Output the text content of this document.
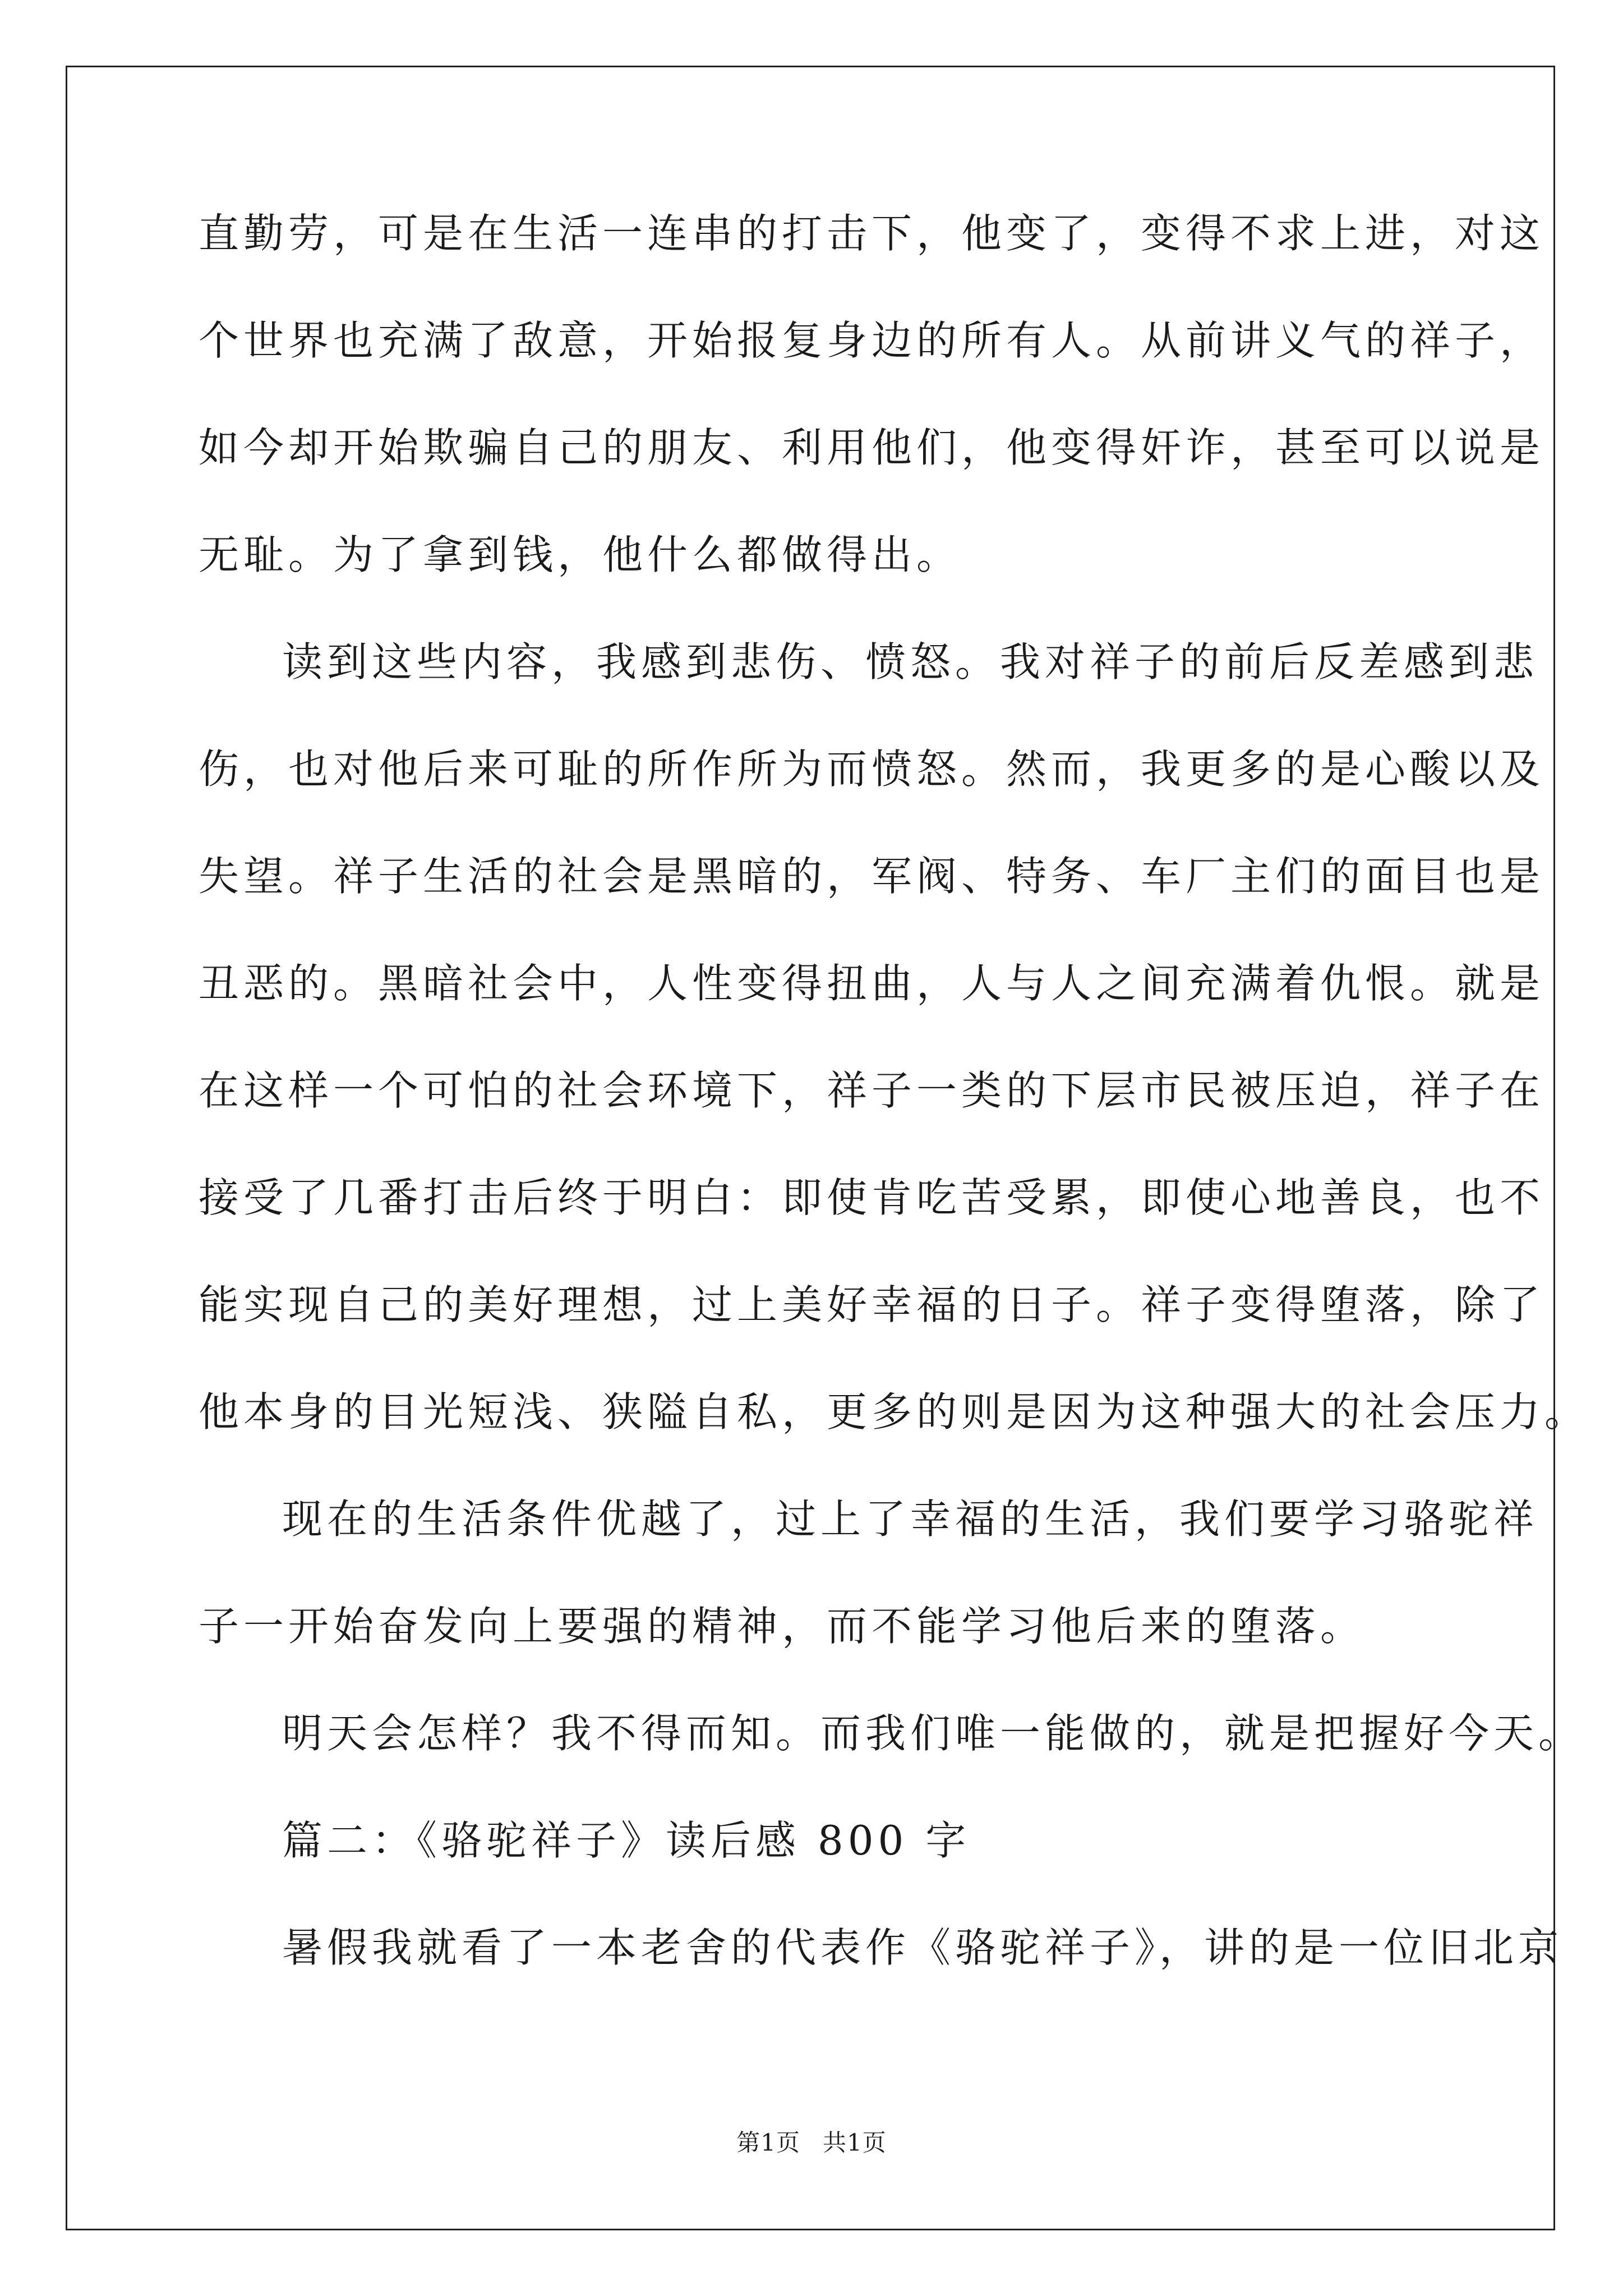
直勤劳，可是在生活一连串的打击下，他变了，变得不求上进，对这
个世界也充满了敌意，开始报复身边的所有人。从前讲义气的祥子，
如今却开始欺骗自己的朋友、利用他们，他变得奸诈，甚至可以说是
无耻。为了拿到钱，他什么都做得出。
读到这些内容，我感到悲伤、愤怒。我对祥子的前后反差感到悲
伤，也对他后来可耻的所作所为而愤怒。然而，我更多的是心酸以及
失望。祥子生活的社会是黑暗的，军阀、特务、车厂主们的面目也是
丑恶的。黑暗社会中，人性变得扭曲，人与人之间充满着仇恨。就是
在这样一个可怕的社会环境下，祥子一类的下层市民被压迫，祥子在
接受了几番打击后终于明白：即使肯吃苦受累，即使心地善良，也不
能实现自己的美好理想，过上美好幸福的日子。祥子变得堕落，除了
他本身的目光短浅、狭隘自私，更多的则是因为这种强大的社会压力。
现在的生活条件优越了，过上了幸福的生活，我们要学习骆驼祥
子一开始奋发向上要强的精神，而不能学习他后来的堕落。
明天会怎样？我不得而知。而我们唯一能做的，就是把握好今天。
篇二：《骆驼祥子》读后感 800 字
暑假我就看了一本老舍的代表作《骆驼祥子》，讲的是一位旧北京
第1页 共1页
